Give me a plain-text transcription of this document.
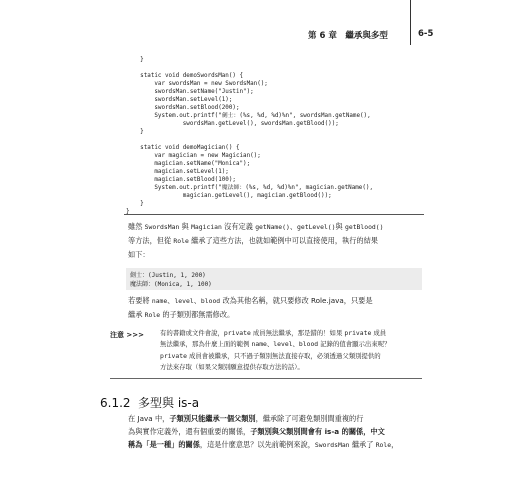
第 6 章　繼承與多型	6-5
}
static void demoSwordsMan() {
var swordsMan = new SwordsMan();
swordsMan.setName("Justin");
swordsMan.setLevel(1);
swordsMan.setBlood(200);
System.out.printf("劍士：(%s, %d, %d)%n", swordsMan.getName(),
swordsMan.getLevel(), swordsMan.getBlood());
}
static void demoMagician() {
var magician = new Magician();
magician.setName("Monica");
magician.setLevel(1);
magician.setBlood(100);
System.out.printf("魔法師：(%s, %d, %d)%n", magician.getName(),
magician.getLevel(), magician.getBlood());
}
}
雖然 SwordsMan 與 Magician 沒有定義 getName()、getLevel()與 getBlood()
等方法，但從 Role 繼承了這些方法，也就如範例中可以直接使用，執行的結果
如下：
劍士：(Justin, 1, 200)
魔法師：(Monica, 1, 100)
若要將 name、level、blood 改為其他名稱，就只要修改 Role.java，只要是
繼承 Role 的子類別都無需修改。
注意 >>> 有的書籍或文件會說，private 成員無法繼承，那是錯的！如果 private 成員
無法繼承，那為什麼上面的範例 name、level、blood 記錄的值會顯示出來呢？
private 成員會被繼承，只不過子類別無法直接存取，必須透過父類別提供的
方法來存取（如果父類別願意提供存取方法的話）。
6.1.2 多型與 is-a
在 Java 中，子類別只能繼承一個父類別，繼承除了可避免類別間重複的行
為與實作定義外，還有個重要的關係，子類別與父類別間會有 is-a 的關係，中文
稱為「是一種」的關係，這是什麼意思？以先前範例來說，SwordsMan 繼承了 Role，
